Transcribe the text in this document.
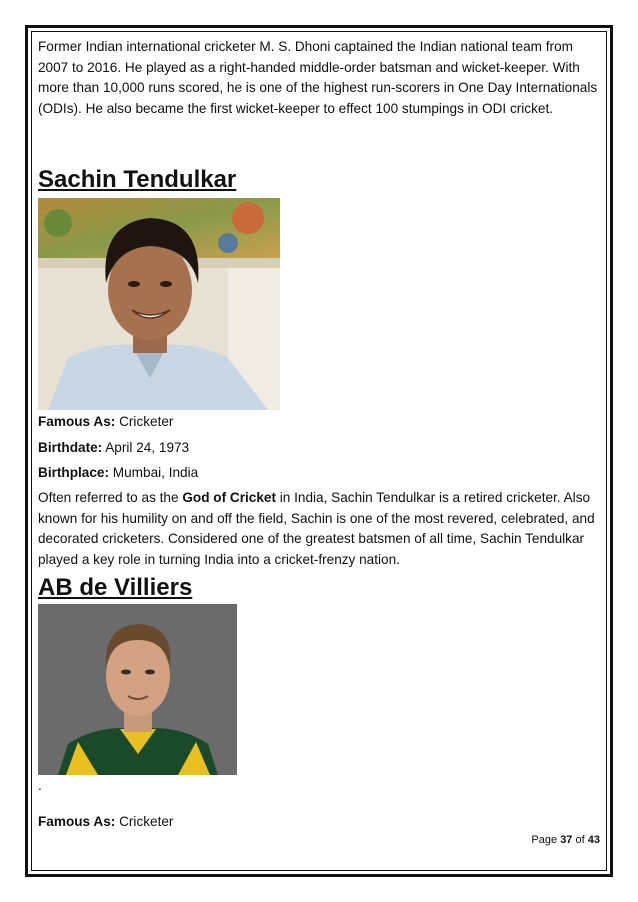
Former Indian international cricketer M. S. Dhoni captained the Indian national team from 2007 to 2016. He played as a right-handed middle-order batsman and wicket-keeper. With more than 10,000 runs scored, he is one of the highest run-scorers in One Day Internationals (ODIs). He also became the first wicket-keeper to effect 100 stumpings in ODI cricket.

Sachin Tendulkar

Famous As: Cricketer

Birthdate: April 24, 1973

Birthplace: Mumbai, India

Often referred to as the God of Cricket in India, Sachin Tendulkar is a retired cricketer. Also known for his humility on and off the field, Sachin is one of the most revered, celebrated, and decorated cricketers. Considered one of the greatest batsmen of all time, Sachin Tendulkar played a key role in turning India into a cricket-frenzy nation.

AB de Villiers

.

Famous As: Cricketer

Page 37 of 43
